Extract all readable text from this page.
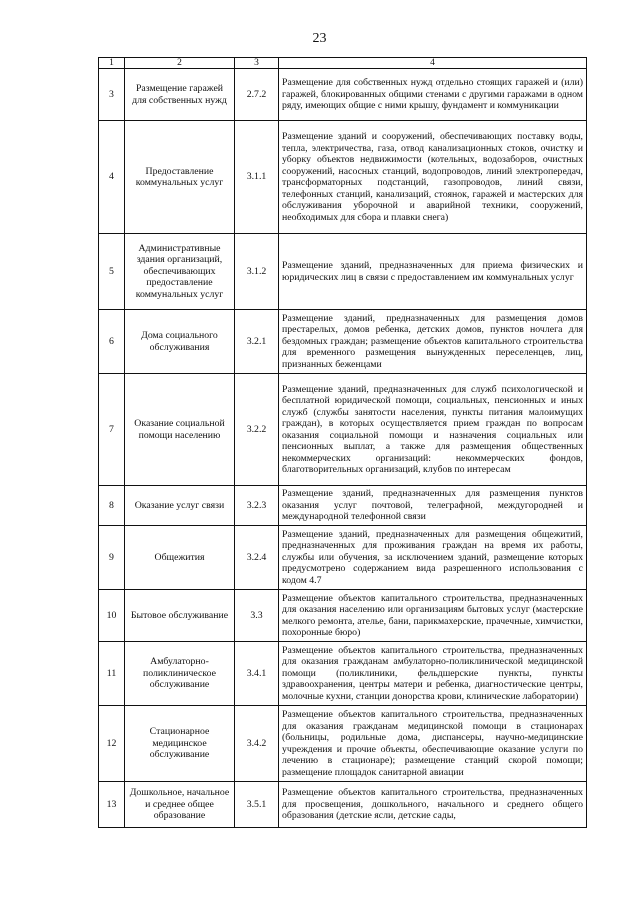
23
1	2	3	4
3	Размещение гаражей для собственных нужд	2.7.2	Размещение для собственных нужд отдельно стоящих гаражей и (или) гаражей, блокированных общими стенами с другими гаражами в одном ряду, имеющих общие с ними крышу, фундамент и коммуникации
4	Предоставление коммунальных услуг	3.1.1	Размещение зданий и сооружений, обеспечивающих поставку воды, тепла, электричества, газа, отвод канализационных стоков, очистку и уборку объектов недвижимости (котельных, водозаборов, очистных сооружений, насосных станций, водопроводов, линий электропередач, трансформаторных подстанций, газопроводов, линий связи, телефонных станций, канализаций, стоянок, гаражей и мастерских для обслуживания уборочной и аварийной техники, сооружений, необходимых для сбора и плавки снега)
5	Административные здания организаций, обеспечивающих предоставление коммунальных услуг	3.1.2	Размещение зданий, предназначенных для приема физических и юридических лиц в связи с предоставлением им коммунальных услуг
6	Дома социального обслуживания	3.2.1	Размещение зданий, предназначенных для размещения домов престарелых, домов ребенка, детских домов, пунктов ночлега для бездомных граждан; размещение объектов капитального строительства для временного размещения вынужденных переселенцев, лиц, признанных беженцами
7	Оказание социальной помощи населению	3.2.2	Размещение зданий, предназначенных для служб психологической и бесплатной юридической помощи, социальных, пенсионных и иных служб (службы занятости населения, пункты питания малоимущих граждан), в которых осуществляется прием граждан по вопросам оказания социальной помощи и назначения социальных или пенсионных выплат, а также для размещения общественных некоммерческих организаций: некоммерческих фондов, благотворительных организаций, клубов по интересам
8	Оказание услуг связи	3.2.3	Размещение зданий, предназначенных для размещения пунктов оказания услуг почтовой, телеграфной, междугородней и международной телефонной связи
9	Общежития	3.2.4	Размещение зданий, предназначенных для размещения общежитий, предназначенных для проживания граждан на время их работы, службы или обучения, за исключением зданий, размещение которых предусмотрено содержанием вида разрешенного использования с кодом 4.7
10	Бытовое обслуживание	3.3	Размещение объектов капитального строительства, предназначенных для оказания населению или организациям бытовых услуг (мастерские мелкого ремонта, ателье, бани, парикмахерские, прачечные, химчистки, похоронные бюро)
11	Амбулаторно-поликлиническое обслуживание	3.4.1	Размещение объектов капитального строительства, предназначенных для оказания гражданам амбулаторно-поликлинической медицинской помощи (поликлиники, фельдшерские пункты, пункты здравоохранения, центры матери и ребенка, диагностические центры, молочные кухни, станции донорства крови, клинические лаборатории)
12	Стационарное медицинское обслуживание	3.4.2	Размещение объектов капитального строительства, предназначенных для оказания гражданам медицинской помощи в стационарах (больницы, родильные дома, диспансеры, научно-медицинские учреждения и прочие объекты, обеспечивающие оказание услуги по лечению в стационаре); размещение станций скорой помощи; размещение площадок санитарной авиации
13	Дошкольное, начальное и среднее общее образование	3.5.1	Размещение объектов капитального строительства, предназначенных для просвещения, дошкольного, начального и среднего общего образования (детские ясли, детские сады,
